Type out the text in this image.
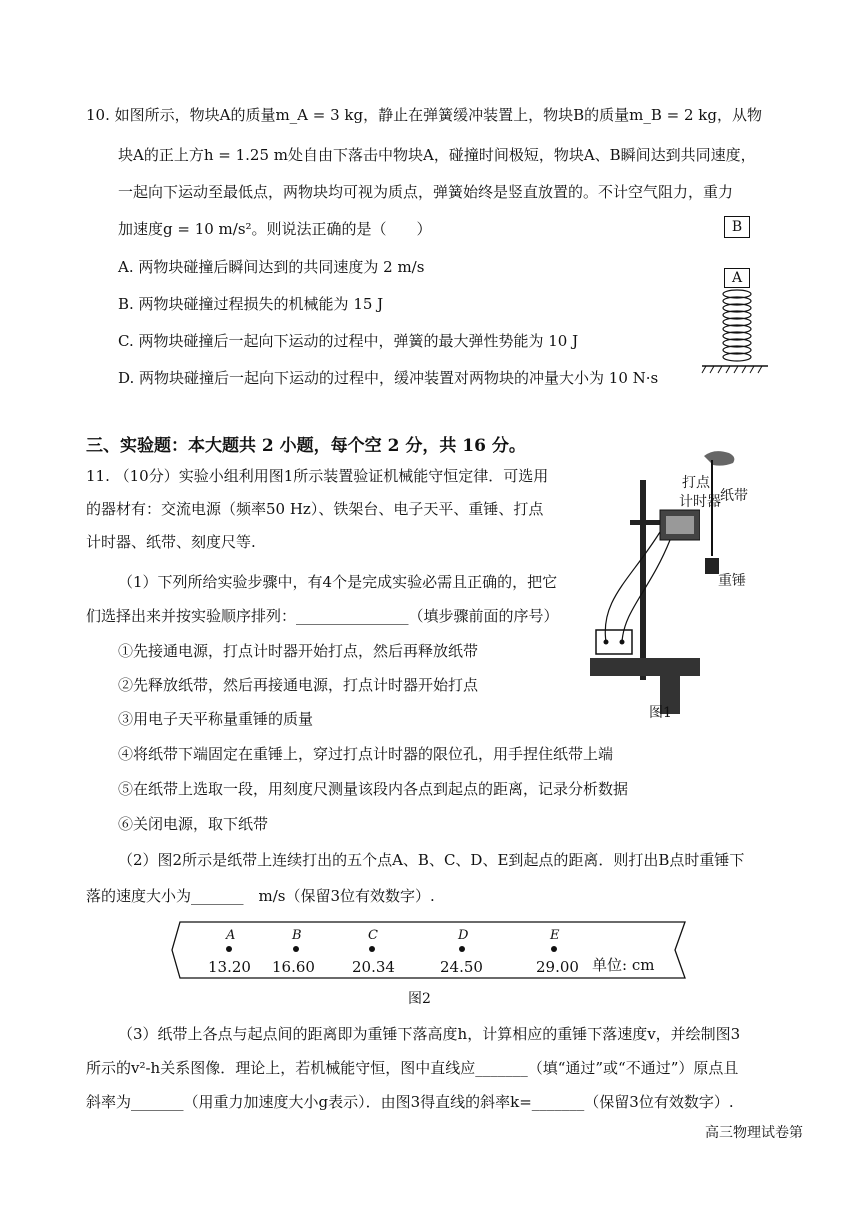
10. 如图所示，物块A的质量m_A = 3 kg，静止在弹簧缓冲装置上，物块B的质量m_B = 2 kg，从物
块A的正上方h = 1.25 m处自由下落击中物块A，碰撞时间极短，物块A、B瞬间达到共同速度，
一起向下运动至最低点，两物块均可视为质点，弹簧始终是竖直放置的。不计空气阻力，重力
加速度g = 10 m/s²。则说法正确的是（　　）
A. 两物块碰撞后瞬间达到的共同速度为 2 m/s
B. 两物块碰撞过程损失的机械能为 15 J
C. 两物块碰撞后一起向下运动的过程中，弹簧的最大弹性势能为 10 J
D. 两物块碰撞后一起向下运动的过程中，缓冲装置对两物块的冲量大小为 10 N·s
B
A
三、实验题：本大题共 2 小题，每个空 2 分，共 16 分。
11. （10分）实验小组利用图1所示装置验证机械能守恒定律．可选用
的器材有：交流电源（频率50 Hz）、铁架台、电子天平、重锤、打点
计时器、纸带、刻度尺等.
（1）下列所给实验步骤中，有4个是完成实验必需且正确的，把它
们选择出来并按实验顺序排列：_______________（填步骤前面的序号）
①先接通电源，打点计时器开始打点，然后再释放纸带
②先释放纸带，然后再接通电源，打点计时器开始打点
③用电子天平称量重锤的质量
④将纸带下端固定在重锤上，穿过打点计时器的限位孔，用手捏住纸带上端
⑤在纸带上选取一段，用刻度尺测量该段内各点到起点的距离，记录分析数据
⑥关闭电源，取下纸带
打点
计时器 纸带
重锤
图1
（2）图2所示是纸带上连续打出的五个点A、B、C、D、E到起点的距离．则打出B点时重锤下
落的速度大小为_______　m/s（保留3位有效数字）.
A	B	C	D	E
13.20 16.60 20.34	24.50	29.00 单位: cm
图2
（3）纸带上各点与起点间的距离即为重锤下落高度h，计算相应的重锤下落速度v，并绘制图3
所示的v²-h关系图像．理论上，若机械能守恒，图中直线应_______（填“通过”或“不通过”）原点且
斜率为_______（用重力加速度大小g表示）．由图3得直线的斜率k=_______（保留3位有效数字）.
高三物理试卷第
